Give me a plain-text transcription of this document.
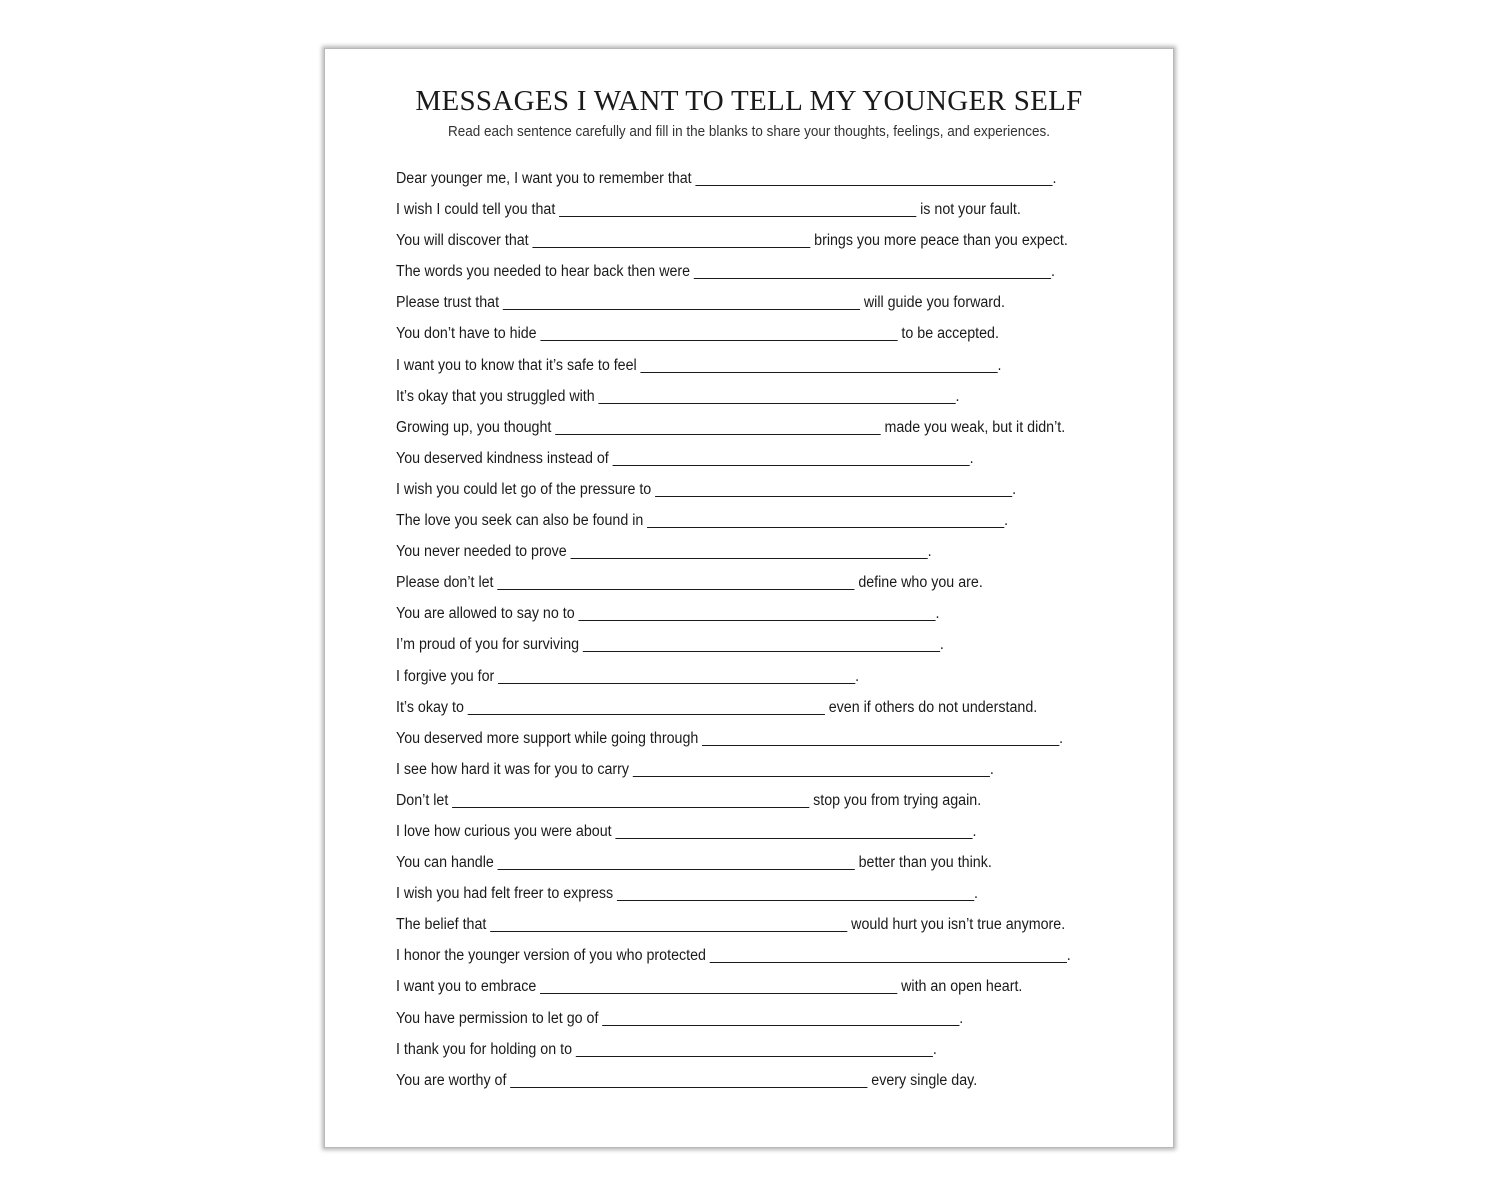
MESSAGES I WANT TO TELL MY YOUNGER SELF

Read each sentence carefully and fill in the blanks to share your thoughts, feelings, and experiences.

Dear younger me, I want you to remember that _____________________________________________.
I wish I could tell you that _____________________________________________ is not your fault.
You will discover that ___________________________________ brings you more peace than you expect.
The words you needed to hear back then were _____________________________________________.
Please trust that _____________________________________________ will guide you forward.
You don’t have to hide _____________________________________________ to be accepted.
I want you to know that it’s safe to feel _____________________________________________.
It’s okay that you struggled with _____________________________________________.
Growing up, you thought _________________________________________ made you weak, but it didn’t.
You deserved kindness instead of _____________________________________________.
I wish you could let go of the pressure to _____________________________________________.
The love you seek can also be found in _____________________________________________.
You never needed to prove _____________________________________________.
Please don’t let _____________________________________________ define who you are.
You are allowed to say no to _____________________________________________.
I’m proud of you for surviving _____________________________________________.
I forgive you for _____________________________________________.
It’s okay to _____________________________________________ even if others do not understand.
You deserved more support while going through _____________________________________________.
I see how hard it was for you to carry _____________________________________________.
Don’t let _____________________________________________ stop you from trying again.
I love how curious you were about _____________________________________________.
You can handle _____________________________________________ better than you think.
I wish you had felt freer to express _____________________________________________.
The belief that _____________________________________________ would hurt you isn’t true anymore.
I honor the younger version of you who protected _____________________________________________.
I want you to embrace _____________________________________________ with an open heart.
You have permission to let go of _____________________________________________.
I thank you for holding on to _____________________________________________.
You are worthy of _____________________________________________ every single day.
